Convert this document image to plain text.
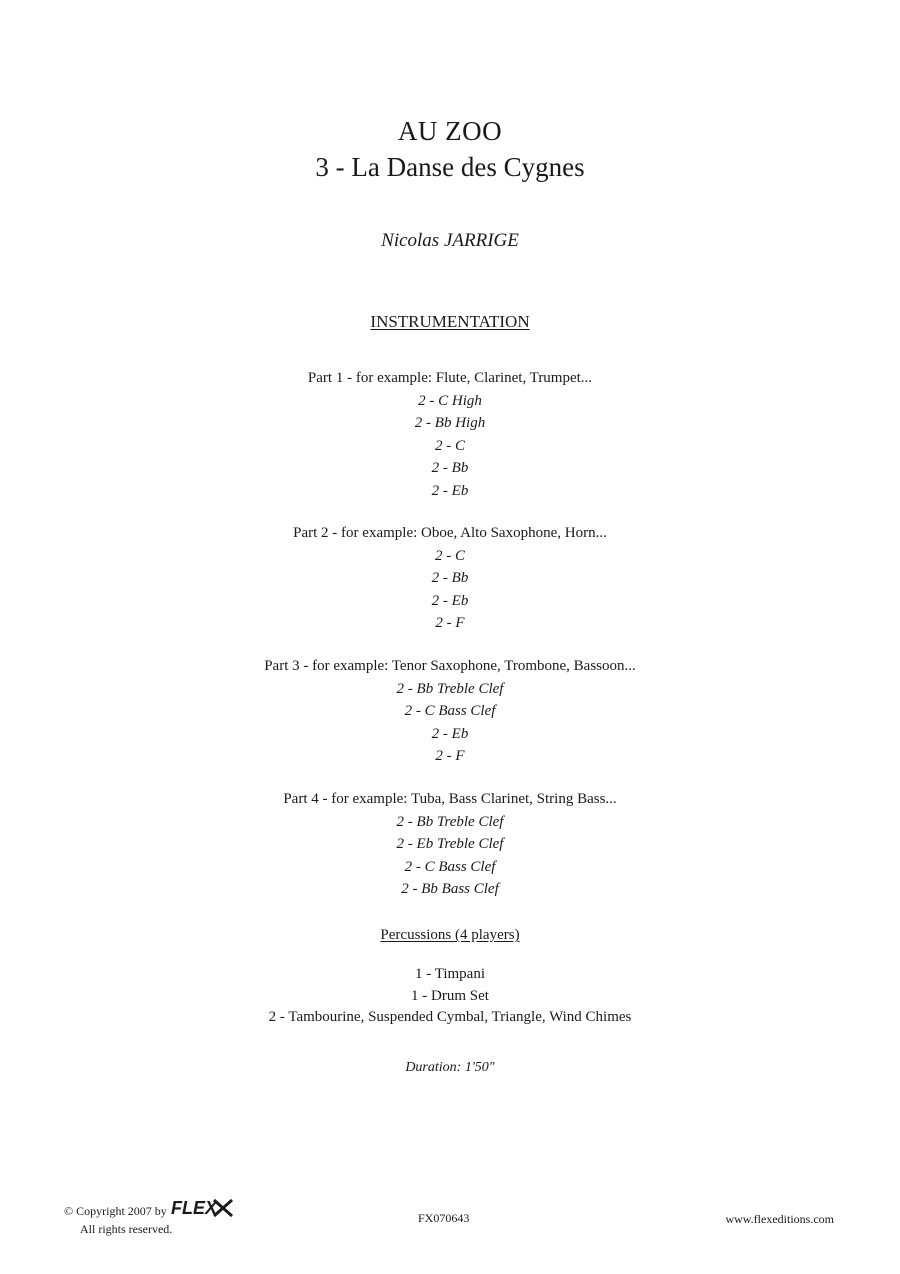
AU ZOO
3 - La Danse des Cygnes
Nicolas JARRIGE
INSTRUMENTATION
Part 1 - for example: Flute, Clarinet, Trumpet...
2 - C High
2 - Bb High
2 - C
2 - Bb
2 - Eb
Part 2 - for example: Oboe, Alto Saxophone, Horn...
2 - C
2 - Bb
2 - Eb
2 - F
Part 3 - for example: Tenor Saxophone, Trombone, Bassoon...
2 - Bb Treble Clef
2 - C Bass Clef
2 - Eb
2 - F
Part 4 - for example: Tuba, Bass Clarinet, String Bass...
2 - Bb Treble Clef
2 - Eb Treble Clef
2 - C Bass Clef
2 - Bb Bass Clef
Percussions (4 players)
1 - Timpani
1 - Drum Set
2 - Tambourine, Suspended Cymbal, Triangle, Wind Chimes
Duration: 1'50"
© Copyright 2007 by FLEX
All rights reserved.
FX070643	www.flexeditions.com
